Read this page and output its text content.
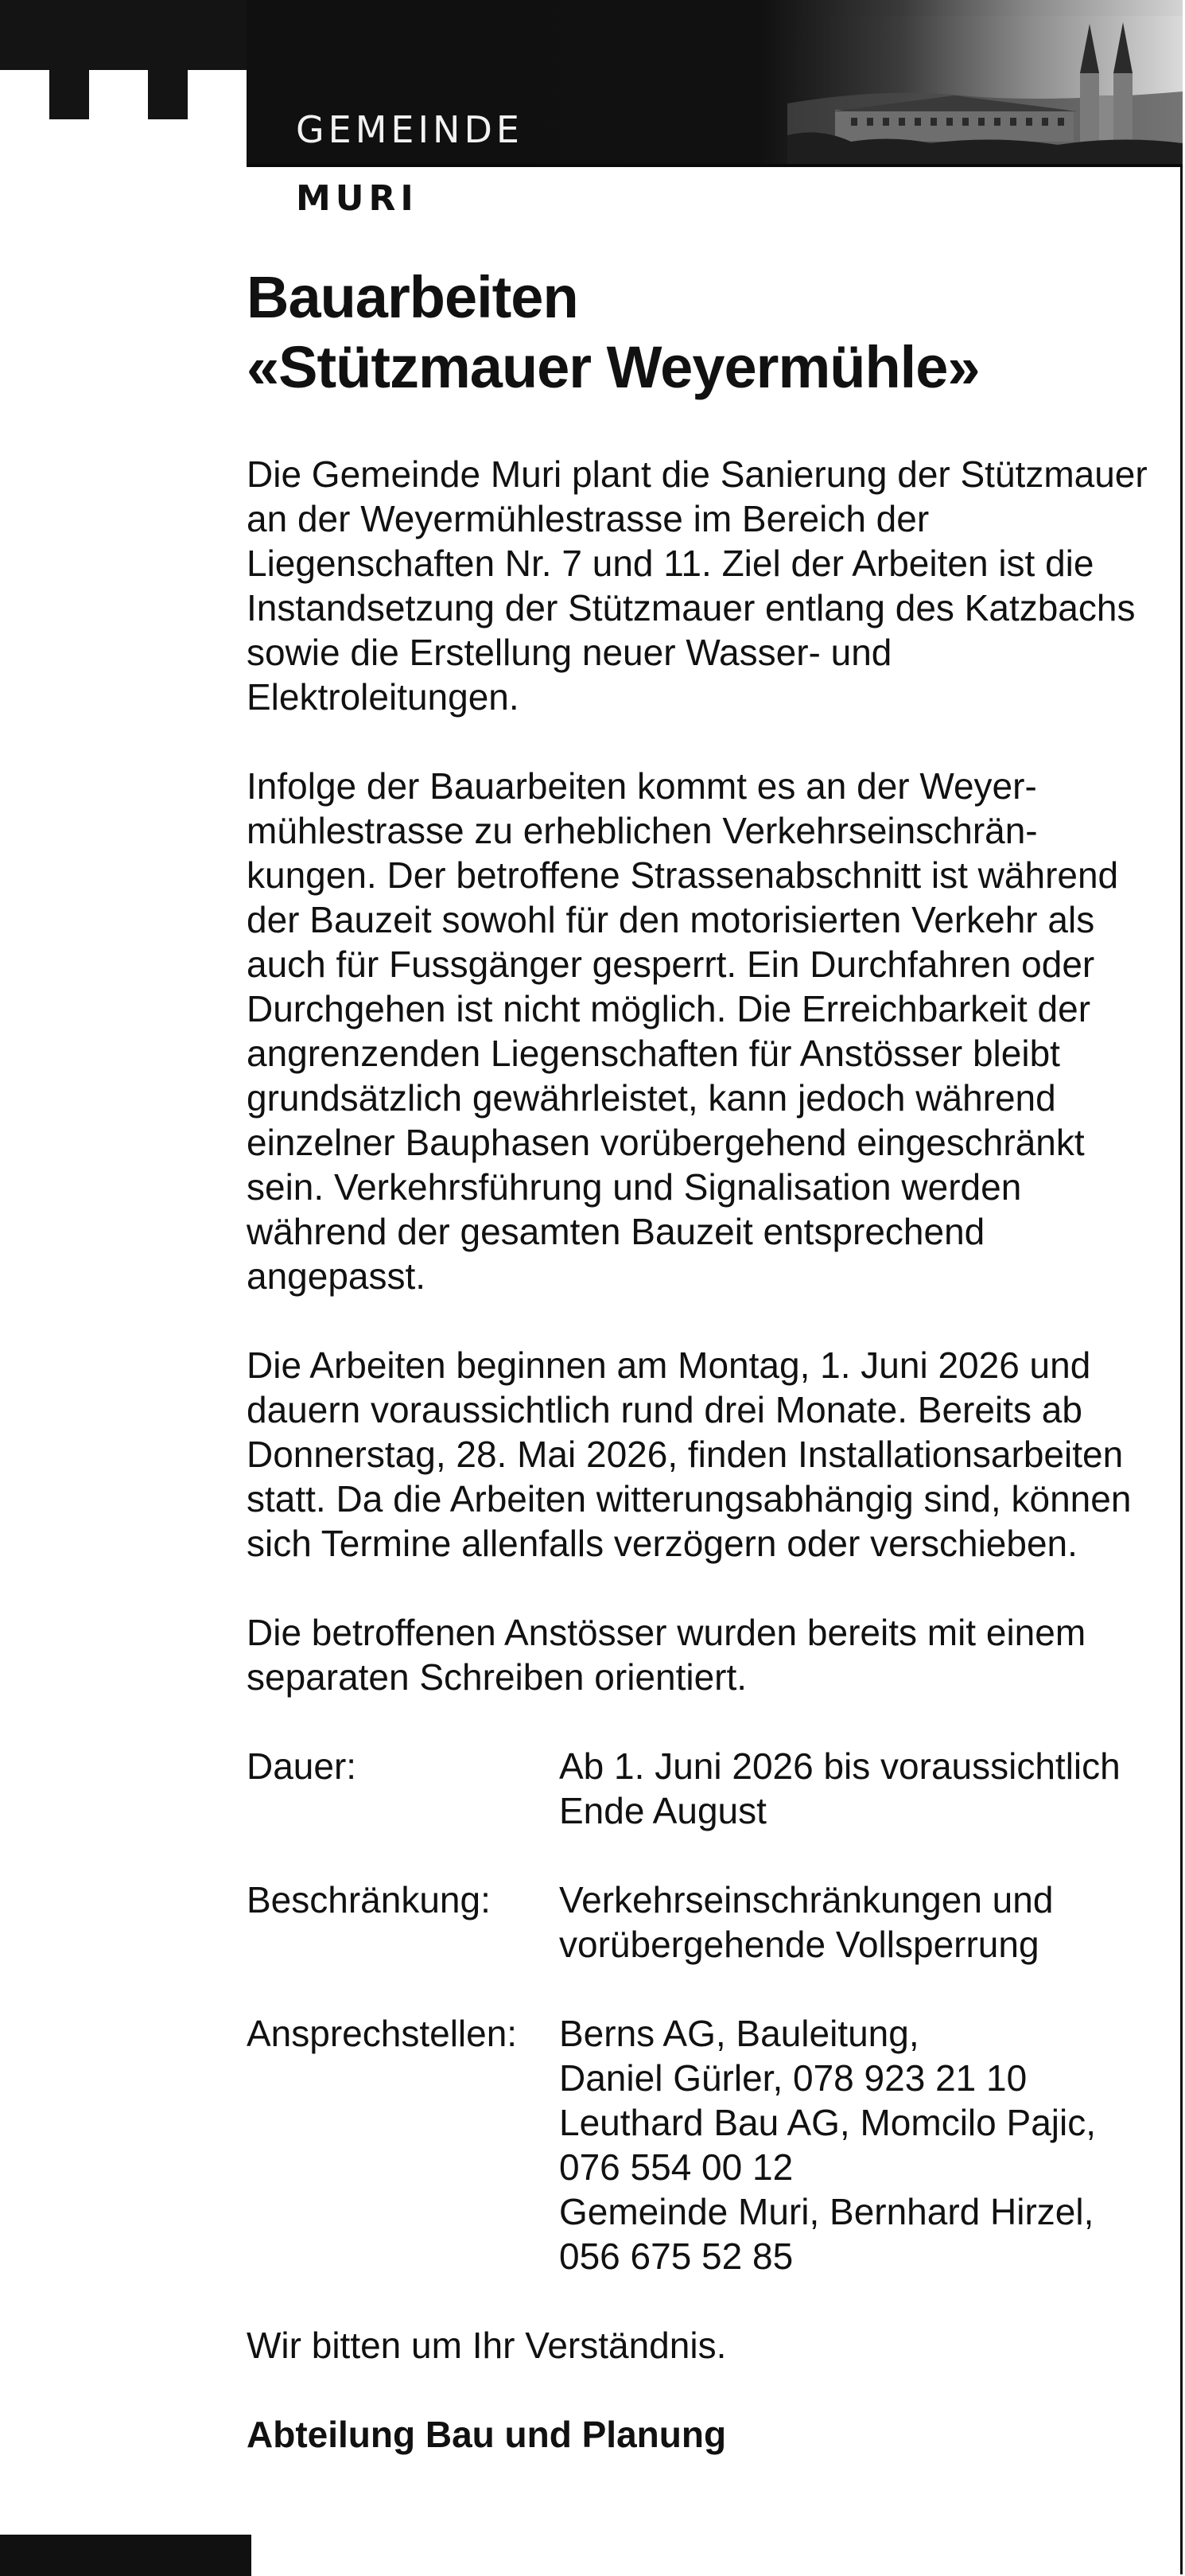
GEMEINDE
MURI
Bauarbeiten
«Stützmauer Weyermühle»

Die Gemeinde Muri plant die Sanierung der Stützmauer an der Weyermühlestrasse im Bereich der Liegenschaften Nr. 7 und 11. Ziel der Arbeiten ist die Instandsetzung der Stützmauer entlang des Katzbachs sowie die Erstellung neuer Wasser- und Elektroleitungen.

Infolge der Bauarbeiten kommt es an der Weyermühlestrasse zu erheblichen Verkehrseinschränkungen. Der betroffene Strassenabschnitt ist während der Bauzeit sowohl für den motorisierten Verkehr als auch für Fussgänger gesperrt. Ein Durchfahren oder Durchgehen ist nicht möglich. Die Erreichbarkeit der angrenzenden Liegenschaften für Anstösser bleibt grundsätzlich gewährleistet, kann jedoch während einzelner Bauphasen vorübergehend eingeschränkt sein. Verkehrsführung und Signalisation werden während der gesamten Bauzeit entsprechend angepasst.

Die Arbeiten beginnen am Montag, 1. Juni 2026 und dauern voraussichtlich rund drei Monate. Bereits ab Donnerstag, 28. Mai 2026, finden Installationsarbeiten statt. Da die Arbeiten witterungsabhängig sind, können sich Termine allenfalls verzögern oder verschieben.

Die betroffenen Anstösser wurden bereits mit einem separaten Schreiben orientiert.

Dauer:	Ab 1. Juni 2026 bis voraussichtlich Ende August
Beschränkung:	Verkehrseinschränkungen und vorübergehende Vollsperrung
Ansprechstellen:	Berns AG, Bauleitung,
Daniel Gürler, 078 923 21 10
Leuthard Bau AG, Momcilo Pajic,
076 554 00 12
Gemeinde Muri, Bernhard Hirzel,
056 675 52 85

Wir bitten um Ihr Verständnis.

Abteilung Bau und Planung
